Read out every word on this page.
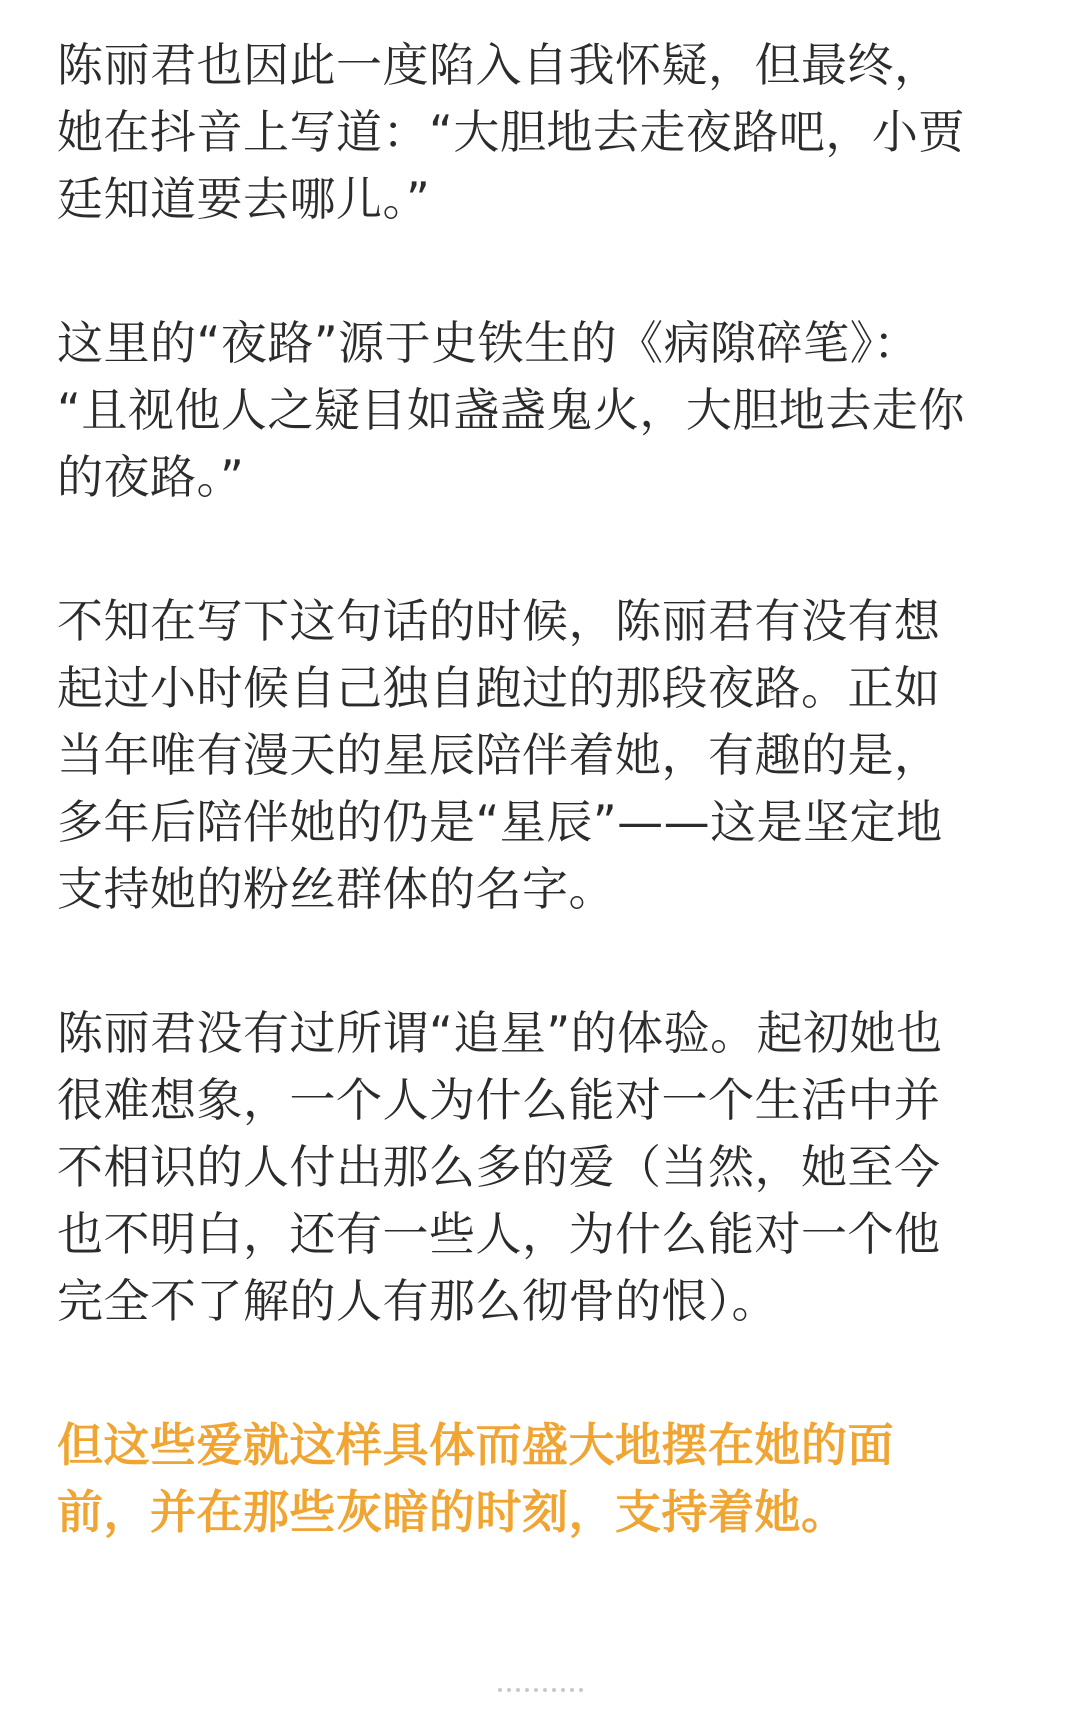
陈丽君也因此一度陷入自我怀疑，但最终，
她在抖音上写道：“大胆地去走夜路吧，小贾
廷知道要去哪儿。”

这里的“夜路”源于史铁生的《病隙碎笔》：
“且视他人之疑目如盏盏鬼火，大胆地去走你
的夜路。”

不知在写下这句话的时候，陈丽君有没有想
起过小时候自己独自跑过的那段夜路。正如
当年唯有漫天的星辰陪伴着她，有趣的是，
多年后陪伴她的仍是“星辰”——这是坚定地
支持她的粉丝群体的名字。

陈丽君没有过所谓“追星”的体验。起初她也
很难想象，一个人为什么能对一个生活中并
不相识的人付出那么多的爱（当然，她至今
也不明白，还有一些人，为什么能对一个他
完全不了解的人有那么彻骨的恨）。

但这些爱就这样具体而盛大地摆在她的面
前，并在那些灰暗的时刻，支持着她。
